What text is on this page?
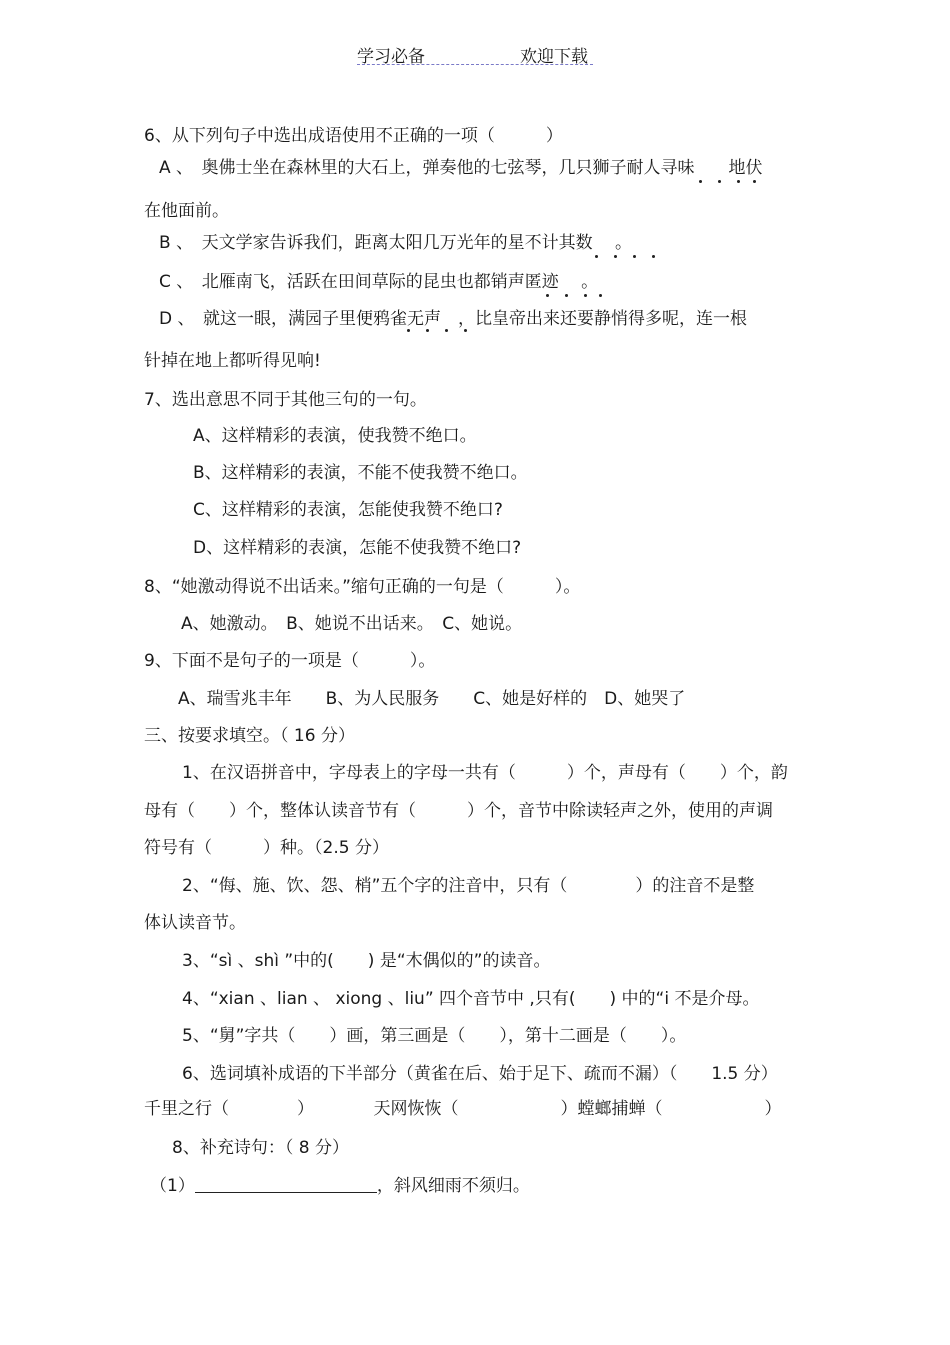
学习必备	欢迎下载
6、从下列句子中选出成语使用不正确的一项（　　　）
A 、　奥佛士坐在森林里的大石上，弹奏他的七弦琴，几只狮子耐人寻味　　地伏
在他面前。
B 、　天文学家告诉我们，距离太阳几万光年的星不计其数　 。
C 、　北雁南飞，活跃在田间草际的昆虫也都销声匿迹　 。
D 、　就这一眼，满园子里便鸦雀无声　，比皇帝出来还要静悄得多呢，连一根
针掉在地上都听得见响!
7、选出意思不同于其他三句的一句。
A、这样精彩的表演，使我赞不绝口。
B、这样精彩的表演，不能不使我赞不绝口。
C、这样精彩的表演，怎能使我赞不绝口?
D、这样精彩的表演，怎能不使我赞不绝口?
8、“她激动得说不出话来。”缩句正确的一句是（　　　）。
A、她激动。　B、她说不出话来。　C、她说。
9、下面不是句子的一项是（　　　）。
A、瑞雪兆丰年　　B、为人民服务　　C、她是好样的　D、她哭了
三、按要求填空。（ 16 分）
1、在汉语拼音中，字母表上的字母一共有（　　　）个，声母有（　　）个，韵
母有（　　）个，整体认读音节有（　　　）个，音节中除读轻声之外，使用的声调
符号有（　　　）种。（2.5 分）
2、“侮、施、饮、怨、梢”五个字的注音中，只有（　　　　）的注音不是整
体认读音节。
3、“sì 、shì ”中的(　　) 是“木偶似的”的读音。
4、“xian 、lian 、 xiong 、liu” 四个音节中 ,只有(　　) 中的“i 不是介母。
5、“舅”字共（　　）画，第三画是（　　），第十二画是（　　）。
6、选词填补成语的下半部分（黄雀在后、始于足下、疏而不漏）（　　1.5 分）
千里之行（　　　　）　　　　天网恢恢（　　　　　　）螳螂捕蝉（　　　　　　）
8、补充诗句：（ 8 分）
（1）	，斜风细雨不须归。
